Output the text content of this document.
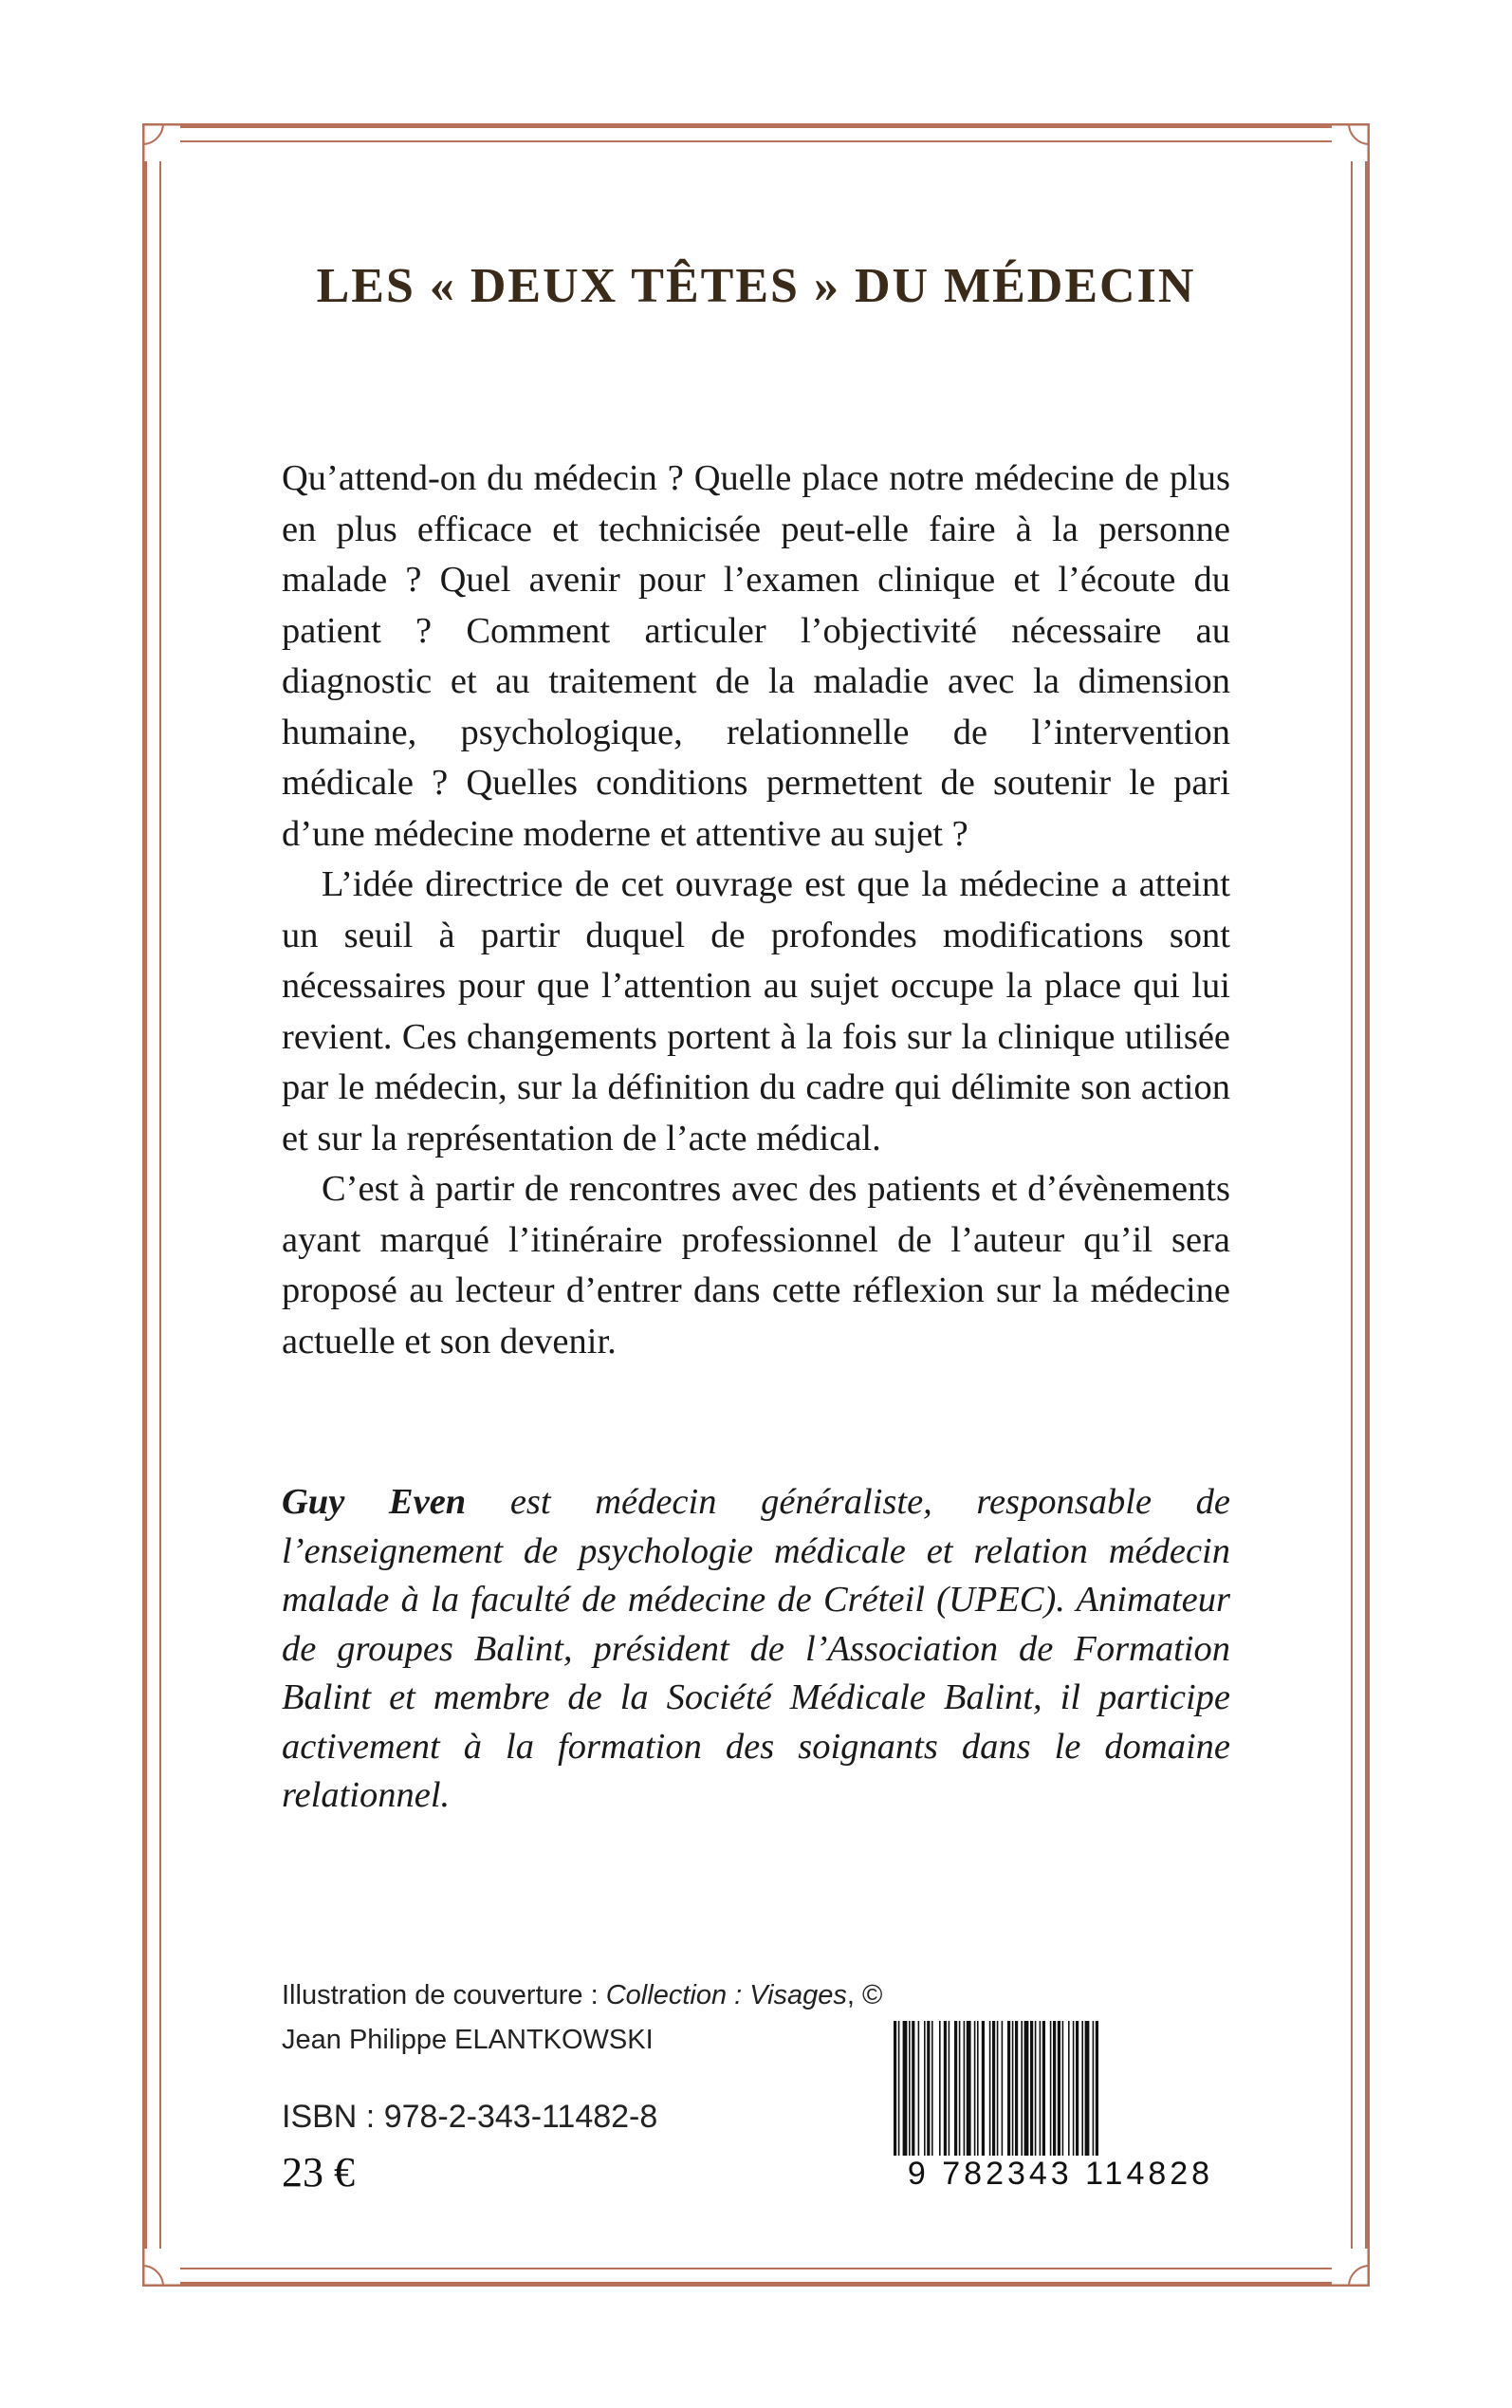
LES « DEUX TÊTES » DU MÉDECIN

Qu’attend-on du médecin ? Quelle place notre médecine de plus en plus efficace et technicisée peut-elle faire à la personne malade ? Quel avenir pour l’examen clinique et l’écoute du patient ? Comment articuler l’objectivité nécessaire au diagnostic et au traitement de la maladie avec la dimension humaine, psychologique, relationnelle de l’intervention médicale ? Quelles conditions permettent de soutenir le pari d’une médecine moderne et attentive au sujet ?

L’idée directrice de cet ouvrage est que la médecine a atteint un seuil à partir duquel de profondes modifications sont nécessaires pour que l’attention au sujet occupe la place qui lui revient. Ces changements portent à la fois sur la clinique utilisée par le médecin, sur la définition du cadre qui délimite son action et sur la représentation de l’acte médical.

C’est à partir de rencontres avec des patients et d’évènements ayant marqué l’itinéraire professionnel de l’auteur qu’il sera proposé au lecteur d’entrer dans cette réflexion sur la médecine actuelle et son devenir.

Guy Even est médecin généraliste, responsable de l’enseignement de psychologie médicale et relation médecin malade à la faculté de médecine de Créteil (UPEC). Animateur de groupes Balint, président de l’Association de Formation Balint et membre de la Société Médicale Balint, il participe activement à la formation des soignants dans le domaine relationnel.
Illustration de couverture : Collection : Visages, © Jean Philippe ELANTKOWSKI
ISBN : 978-2-343-11482-8
23 €	9 782343 114828
